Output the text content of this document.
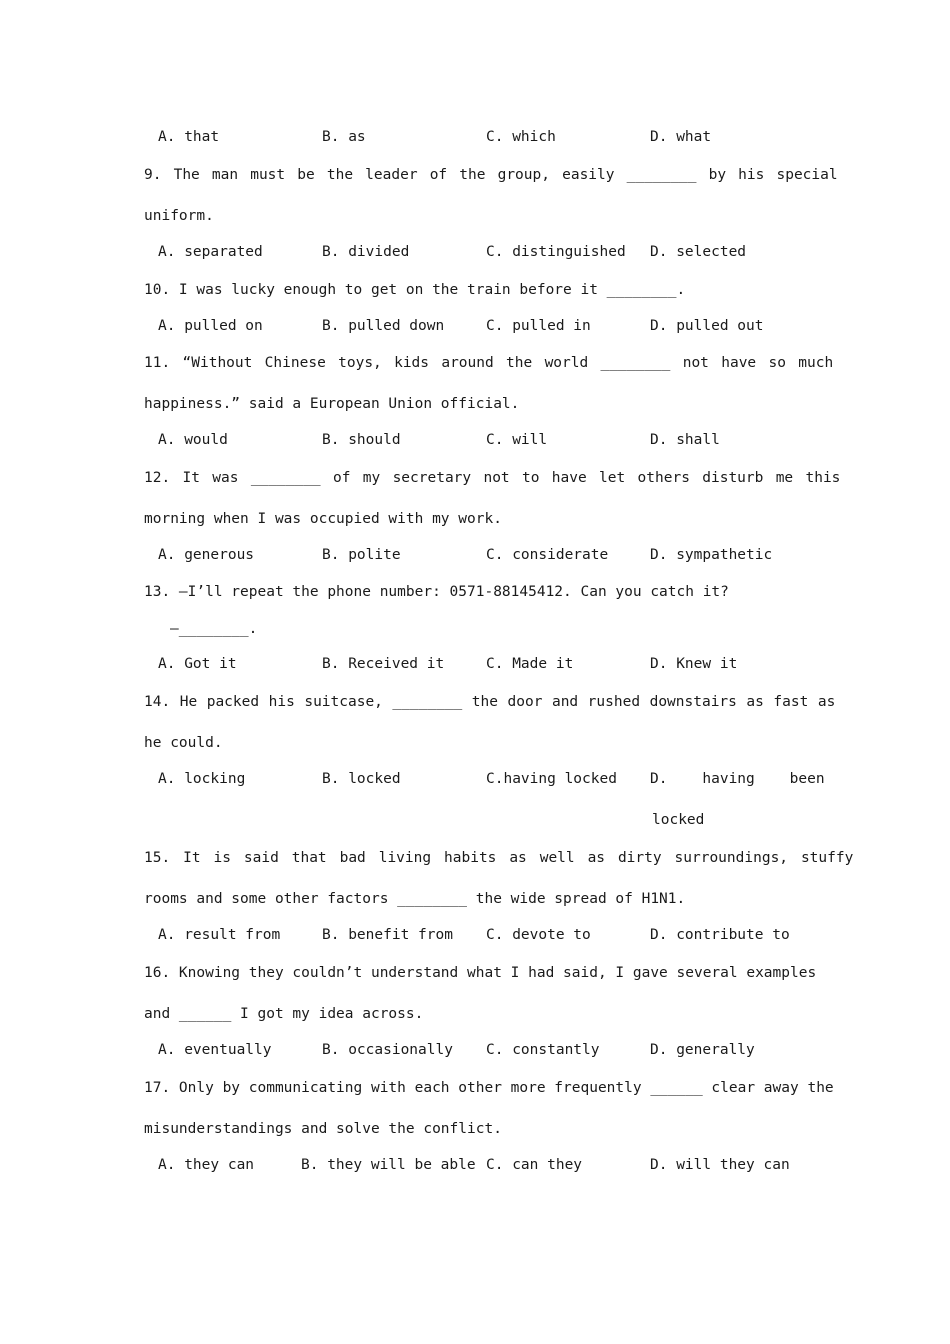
A. that	B. as	C. which	D. what
9. The man must be the leader of the group, easily ________ by his special
uniform.
A. separated	B. divided	C. distinguished D. selected
10. I was lucky enough to get on the train before it ________.
A. pulled on	B. pulled down	C. pulled in	D. pulled out
11. “Without Chinese toys, kids around the world ________ not have so much
happiness.” said a European Union official.
A. would	B. should	C. will	D. shall
12. It was ________ of my secretary not to have let others disturb me this
morning when I was occupied with my work.
A. generous	B. polite	C. considerate	D. sympathetic
13. —I’ll repeat the phone number: 0571-88145412. Can you catch it?
—________.
A. Got it	B. Received it	C. Made it	D. Knew it
14. He packed his suitcase, ________ the door and rushed downstairs as fast as
he could.
A. locking	B. locked	C.having locked D.    having    been
locked
15. It is said that bad living habits as well as dirty surroundings, stuffy
rooms and some other factors ________ the wide spread of H1N1.
A. result from	B. benefit from C. devote to	D. contribute to
16. Knowing they couldn’t understand what I had said, I gave several examples
and ______ I got my idea across.
A. eventually	B. occasionally C. constantly	D. generally
17. Only by communicating with each other more frequently ______ clear away the
misunderstandings and solve the conflict.
A. they can	B. they will be able C. can they	D. will they can
